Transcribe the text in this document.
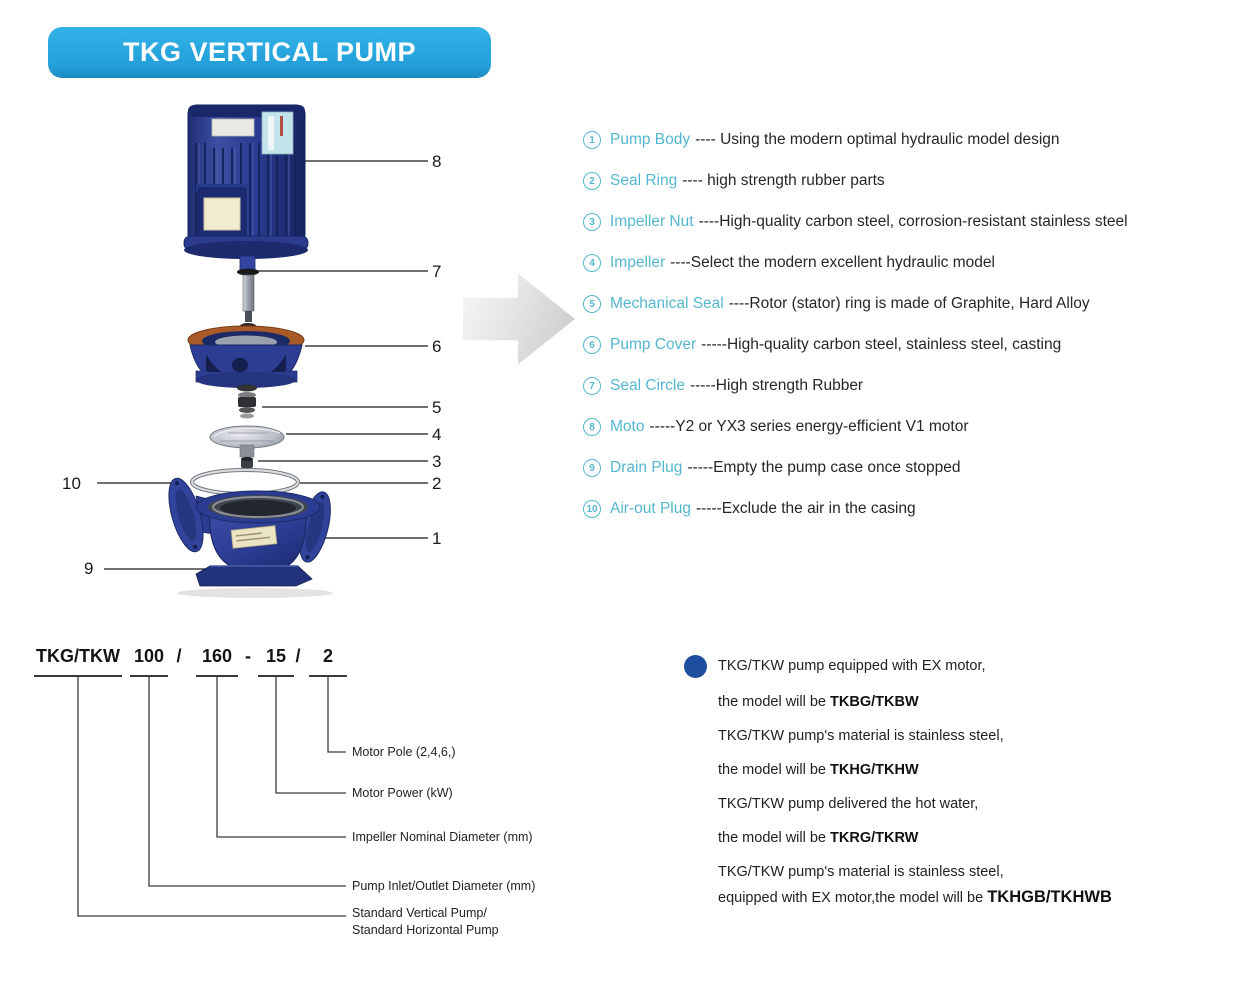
TKG VERTICAL PUMP
8
7
6
5
4
3
2
1
10
9
1 Pump Body ---- Using the modern optimal hydraulic model design
2 Seal Ring ---- high strength rubber parts
3 Impeller Nut ----High-quality carbon steel, corrosion-resistant stainless steel
4 Impeller ----Select the modern excellent hydraulic model
5 Mechanical Seal ----Rotor (stator) ring is made of Graphite, Hard Alloy
6 Pump Cover -----High-quality carbon steel, stainless steel, casting
7 Seal Circle -----High strength Rubber
8 Moto -----Y2 or YX3 series energy-efficient V1 motor
9 Drain Plug -----Empty the pump case once stopped
10 Air-out Plug -----Exclude the air in the casing
TKG/TKW 100 /	160 - 15 /	2
Motor Pole (2,4,6,)
Motor Power (kW)
Impeller Nominal Diameter (mm)
Pump Inlet/Outlet Diameter (mm)
Standard Vertical Pump/
Standard Horizontal Pump
TKG/TKW pump equipped with EX motor,
the model will be TKBG/TKBW
TKG/TKW pump's material is stainless steel,
the model will be TKHG/TKHW
TKG/TKW pump delivered the hot water,
the model will be TKRG/TKRW
TKG/TKW pump's material is stainless steel,
equipped with EX motor,the model will be TKHGB/TKHWB
